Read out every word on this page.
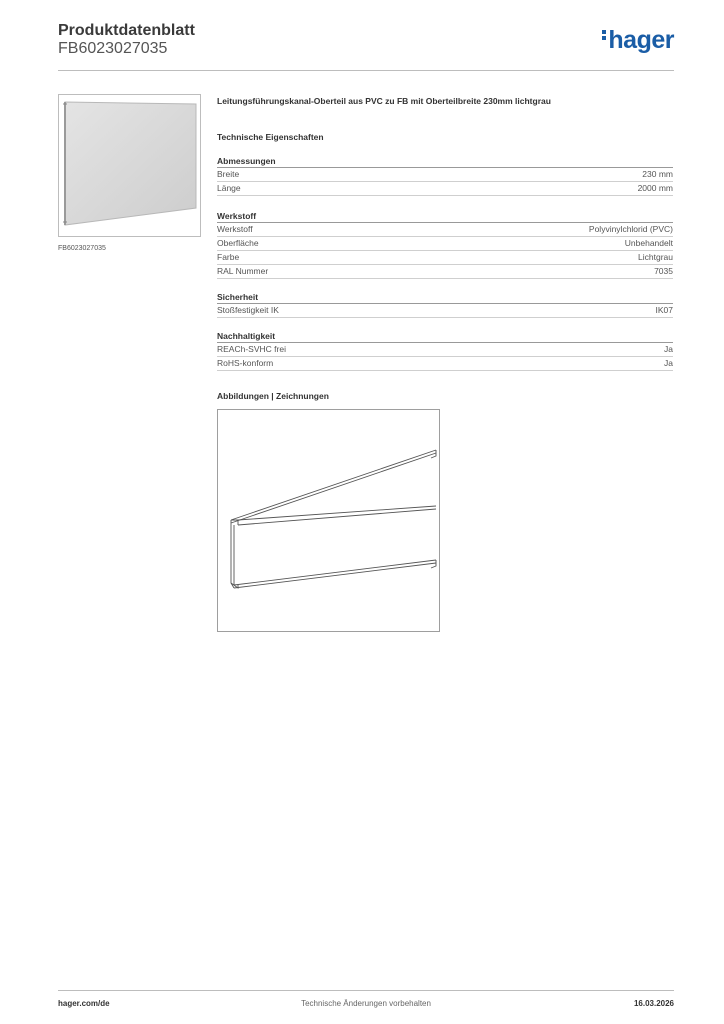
Produktdatenblatt
FB6023027035	hager
FB6023027035
Leitungsführungskanal-Oberteil aus PVC zu FB mit Oberteilbreite 230mm lichtgrau
Technische Eigenschaften
Abmessungen
Breite	230 mm
Länge	2000 mm
Werkstoff
Werkstoff	Polyvinylchlorid (PVC)
Oberfläche	Unbehandelt
Farbe	Lichtgrau
RAL Nummer	7035
Sicherheit
Stoßfestigkeit IK	IK07
Nachhaltigkeit
REACh-SVHC frei	Ja
RoHS-konform	Ja
Abbildungen | Zeichnungen
hager.com/de	Technische Änderungen vorbehalten	16.03.2026
